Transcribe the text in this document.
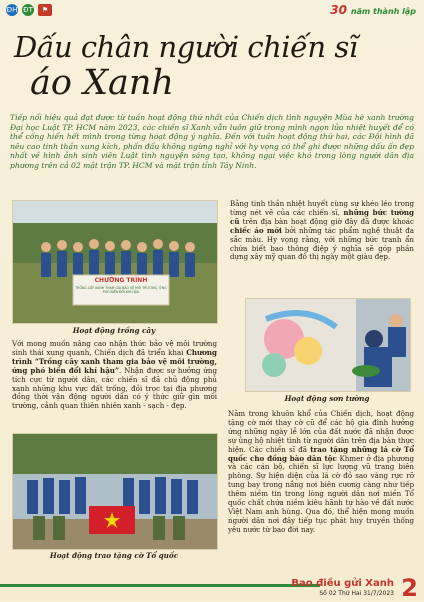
ĐH ĐT	⚑	30 năm thành lập
Dấu chân người chiến sĩ
áo Xanh
Tiếp nối hiệu quả đạt được từ tuần hoạt động thứ nhất của Chiến dịch tình nguyện Mùa hè xanh trường Đại học Luật TP. HCM năm 2023, các chiến sĩ Xanh vẫn luôn giữ trong mình ngọn lửa nhiệt huyết để có thể cống hiến hết mình trong từng hoạt động ý nghĩa. Đến với tuần hoạt động thứ hai, các Đội hình đã nêu cao tinh thần xung kích, phấn đấu không ngừng nghỉ với hy vọng có thể ghi được những dấu ấn đẹp nhất về hình ảnh sinh viên Luật tình nguyện sáng tạo, không ngại việc khó trong lòng người dân địa phương trên cả 02 mặt trận TP. HCM và mặt trận tỉnh Tây Ninh.
CHƯƠNG TRÌNH
TRỒNG CÂY XANH THAM GIA BẢO VỆ MÔI TRƯỜNG, ỨNG PHÓ BIẾN ĐỔI KHÍ HẬU
Hoạt động trồng cây
Với mong muốn nâng cao nhận thức bảo vệ môi trường sinh thái xung quanh, Chiến dịch đã triển khai Chương trình “Trồng cây xanh tham gia bảo vệ môi trường, ứng phó biến đổi khí hậu”. Nhận được sự hưởng ứng tích cực từ người dân, các chiến sĩ đã chủ động phủ xanh những khu vực đất trống, đồi trọc tại địa phương đồng thời vận động người dân có ý thức giữ gìn môi trường, cảnh quan thiên nhiên xanh - sạch - đẹp.
Bằng tinh thần nhiệt huyết cùng sự khéo léo trong từng nét vẽ của các chiến sĩ, những bức tường cũ trên địa bàn hoạt động giờ đây đã được khoác chiếc áo mới bởi những tác phẩm nghệ thuật đa sắc màu. Hy vọng rằng, với những bức tranh ẩn chứa biết bao thông điệp ý nghĩa sẽ góp phần dựng xây mỹ quan đô thị ngày một giàu đẹp.
Hoạt động sơn tường
Hoạt động trao tặng cờ Tổ quốc
Nằm trong khuôn khổ của Chiến dịch, hoạt động tặng cờ mới thay cờ cũ để các hộ gia đình hưởng ứng những ngày lễ lớn của đất nước đã nhận được sự ủng hộ nhiệt tình từ người dân trên địa bàn thực hiện. Các chiến sĩ đã trao tặng những lá cờ Tổ quốc cho đồng bào dân tộc Khmer ở địa phương và các cán bộ, chiến sĩ lực lượng vũ trang biên phòng. Sự hiện diện của lá cờ đỏ sao vàng rực rỡ tung bay trong nắng nơi biên cương càng như tiếp thêm niềm tin trong lòng người dân nơi miền Tổ quốc chất chứa niềm kiêu hãnh tự hào về đất nước Việt Nam anh hùng. Qua đó, thể hiện mong muốn người dân nơi đây tiếp tục phát huy truyền thống yêu nước từ bao đời nay.
Bao điều gửi Xanh
Số 02 Thứ Hai 31/7/2023 2
